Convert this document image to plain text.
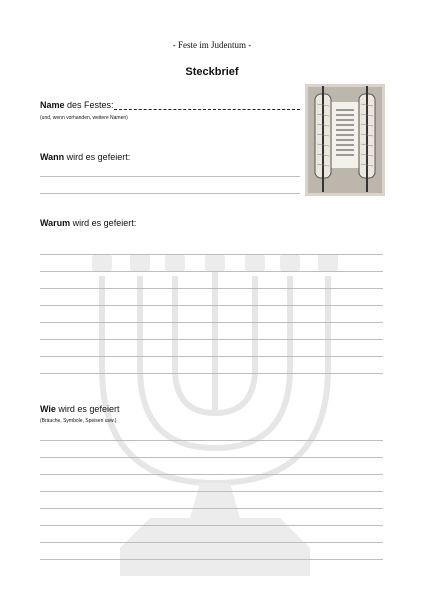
- Feste im Judentum -
Steckbrief
Name des Festes:
(und, wenn vorhanden, weitere Namen)
Wann wird es gefeiert:
Warum wird es gefeiert:
Wie wird es gefeiert
(Bräuche, Symbole, Speisen usw.)
